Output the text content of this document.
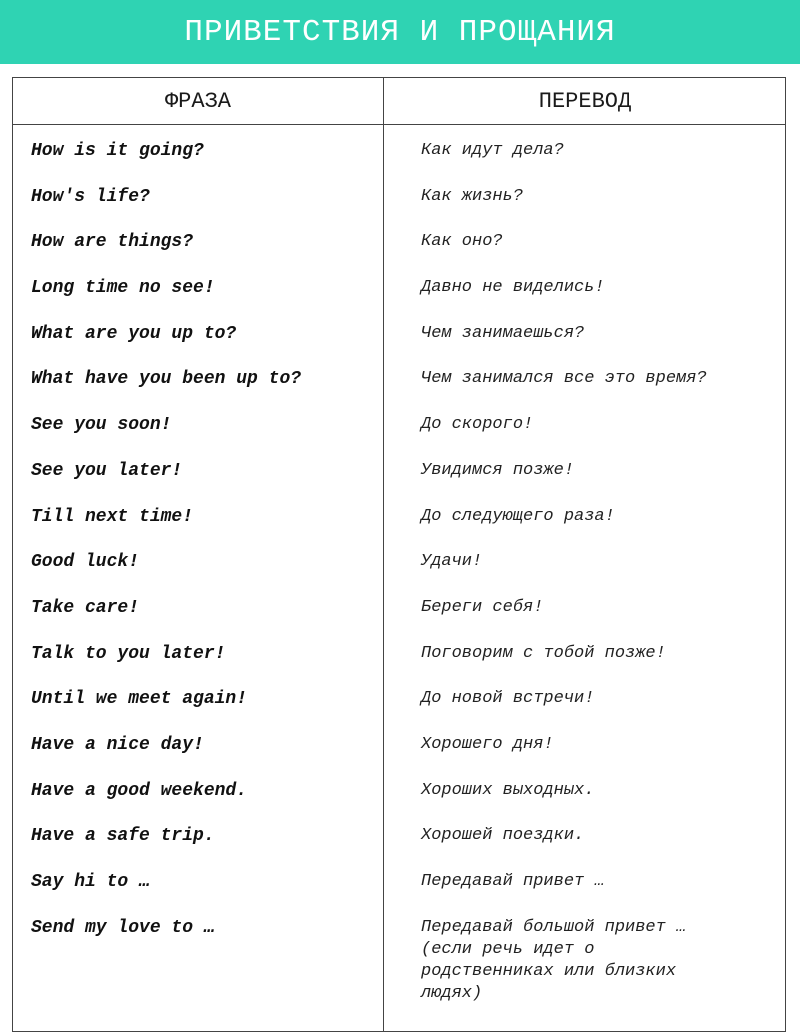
ПРИВЕТСТВИЯ И ПРОЩАНИЯ
ФРАЗА	ПЕРЕВОД
How is it going?	Как идут дела?
How's life?	Как жизнь?
How are things?	Как оно?
Long time no see!	Давно не виделись!
What are you up to?	Чем занимаешься?
What have you been up to?	Чем занимался все это время?
See you soon!	До скорого!
See you later!	Увидимся позже!
Till next time!	До следующего раза!
Good luck!	Удачи!
Take care!	Береги себя!
Talk to you later!	Поговорим с тобой позже!
Until we meet again!	До новой встречи!
Have a nice day!	Хорошего дня!
Have a good weekend.	Хороших выходных.
Have a safe trip.	Хорошей поездки.
Say hi to …	Передавай привет …
Send my love to …	Передавай большой привет …
(если речь идет о
родственниках или близких
людях)
